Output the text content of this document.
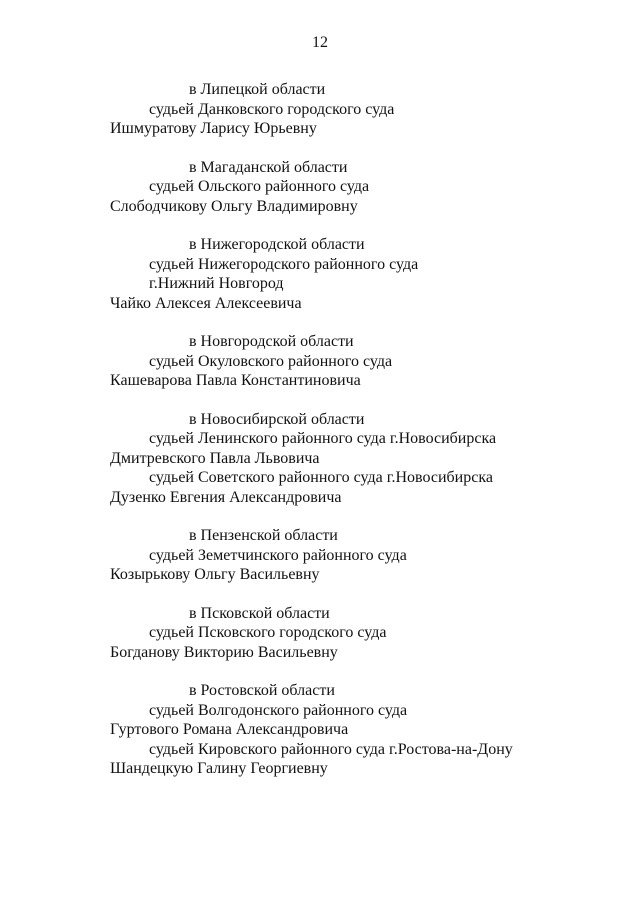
12
в Липецкой области
судьей Данковского городского суда
Ишмуратову Ларису Юрьевну
в Магаданской области
судьей Ольского районного суда
Слободчикову Ольгу Владимировну
в Нижегородской области
судьей Нижегородского районного суда
г.Нижний Новгород
Чайко Алексея Алексеевича
в Новгородской области
судьей Окуловского районного суда
Кашеварова Павла Константиновича
в Новосибирской области
судьей Ленинского районного суда г.Новосибирска
Дмитревского Павла Львовича
судьей Советского районного суда г.Новосибирска
Дузенко Евгения Александровича
в Пензенской области
судьей Земетчинского районного суда
Козырькову Ольгу Васильевну
в Псковской области
судьей Псковского городского суда
Богданову Викторию Васильевну
в Ростовской области
судьей Волгодонского районного суда
Гуртового Романа Александровича
судьей Кировского районного суда г.Ростова-на-Дону
Шандецкую Галину Георгиевну
